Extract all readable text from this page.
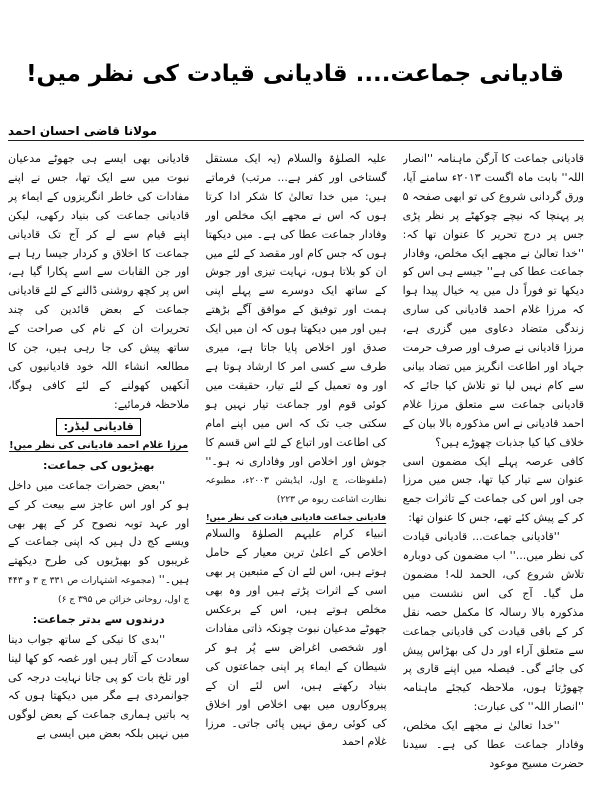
قادیانی جماعت.... قادیانی قیادت کی نظر میں!
مولانا قاضی احسان احمد

قادیانی جماعت کا آرگن ماہنامہ ''انصار اللہ'' بابت ماہ اگست ۲۰۱۳ء سامنے آیا، ورق گردانی شروع کی تو ابھی صفحہ ۵ پر پہنچا کہ نیچے چوکھٹے پر نظر پڑی جس پر درج تحریر کا عنوان تھا کہ: ''خدا تعالیٰ نے مجھے ایک مخلص، وفادار جماعت عطا کی ہے'' جیسے ہی اس کو دیکھا تو فوراً دل میں یہ خیال پیدا ہوا کہ مرزا غلام احمد قادیانی کی ساری زندگی متضاد دعاوی میں گزری ہے، مرزا قادیانی نے صرف اور صرف حرمت جہاد اور اطاعت انگریز میں تضاد بیانی سے کام نہیں لیا تو تلاش کیا جائے کہ قادیانی جماعت سے متعلق مرزا غلام احمد قادیانی نے اس مذکورہ بالا بیان کے خلاف کیا کیا جذبات چھوڑے ہیں؟

کافی عرصہ پہلے ایک مضمون اسی عنوان سے تیار کیا تھا، جس میں مرزا جی اور اس کی جماعت کے تاثرات جمع کر کے پیش کئے تھے، جس کا عنوان تھا:

''قادیانی جماعت... قادیانی قیادت کی نظر میں...'' اب مضمون کی دوبارہ تلاش شروع کی، الحمد للہ! مضمون مل گیا۔ آج کی اس نشست میں مذکورہ بالا رسالہ کا مکمل حصہ نقل کر کے باقی قیادت کی قادیانی جماعت سے متعلق آراء اور دل کی بھڑاس پیش کی جائے گی۔ فیصلہ میں اپنے قاری پر چھوڑتا ہوں، ملاحظہ کیجئے ماہنامہ ''انصار اللہ'' کی عبارت:

''خدا تعالیٰ نے مجھے ایک مخلص، وفادار جماعت عطا کی ہے۔ سیدنا حضرت مسیح موعود

علیہ الصلوٰۃ والسلام (یہ ایک مستقل گستاخی اور کفر ہے... مرتب) فرماتے ہیں: میں خدا تعالیٰ کا شکر ادا کرتا ہوں کہ اس نے مجھے ایک مخلص اور وفادار جماعت عطا کی ہے۔ میں دیکھتا ہوں کہ جس کام اور مقصد کے لئے میں ان کو بلاتا ہوں، نہایت تیزی اور جوش کے ساتھ ایک دوسرے سے پہلے اپنی ہمت اور توفیق کے موافق آگے بڑھتے ہیں اور میں دیکھتا ہوں کہ ان میں ایک صدق اور اخلاص پایا جاتا ہے، میری طرف سے کسی امر کا ارشاد ہوتا ہے اور وہ تعمیل کے لئے تیار، حقیقت میں کوئی قوم اور جماعت تیار نہیں ہو سکتی جب تک کہ اس میں اپنے امام کی اطاعت اور اتباع کے لئے اس قسم کا جوش اور اخلاص اور وفاداری نہ ہو۔'' (ملفوظات، ج اول، ایڈیشن ۲۰۰۳ء، مطبوعہ نظارت اشاعت ربوہ ص ۲۲۳)

قادیانی جماعت قادیانی قیادت کی نظر میں!

انبیاء کرام علیہم الصلوٰۃ والسلام اخلاص کے اعلیٰ ترین معیار کے حامل ہوتے ہیں، اس لئے ان کے متبعین پر بھی اسی کے اثرات پڑتے ہیں اور وہ بھی مخلص ہوتے ہیں، اس کے برعکس جھوٹے مدعیان نبوت چونکہ ذاتی مفادات اور شخصی اغراض سے پُر ہو کر شیطان کے ایماء پر اپنی جماعتوں کی بنیاد رکھتے ہیں، اس لئے ان کے پیروکاروں میں بھی اخلاص اور اخلاق کی کوئی رمق نہیں پائی جاتی۔ مرزا غلام احمد

قادیانی بھی ایسے ہی جھوٹے مدعیان نبوت میں سے ایک تھا، جس نے اپنے مفادات کی خاطر انگریزوں کے ایماء پر قادیانی جماعت کی بنیاد رکھی، لیکن اپنے قیام سے لے کر آج تک قادیانی جماعت کا اخلاق و کردار جیسا رہا ہے اور جن القابات سے اسے پکارا گیا ہے، اس پر کچھ روشنی ڈالنے کے لئے قادیانی جماعت کے بعض قائدین کی چند تحریرات ان کے نام کی صراحت کے ساتھ پیش کی جا رہی ہیں، جن کا مطالعہ انشاء اللہ خود قادیانیوں کی آنکھیں کھولنے کے لئے کافی ہوگا، ملاحظہ فرمائیے:

قادیانی لیڈر:
مرزا غلام احمد قادیانی کی نظر میں!
بھیڑیوں کی جماعت:

''بعض حضرات جماعت میں داخل ہو کر اور اس عاجز سے بیعت کر کے اور عہد توبہ نصوح کر کے پھر بھی ویسے کج دل ہیں کہ اپنی جماعت کے غریبوں کو بھیڑیوں کی طرح دیکھتے ہیں۔'' (مجموعہ اشتہارات ص ۳۳۱ ج ۳ و ۴۴۳ ج اول، روحانی خزائن ص ۳۹۵ ج ۶)

درندوں سے بدتر جماعت:

''بدی کا نیکی کے ساتھ جواب دینا سعادت کے آثار ہیں اور غصہ کو کھا لینا اور تلخ بات کو پی جانا نہایت درجہ کی جوانمردی ہے مگر میں دیکھتا ہوں کہ یہ باتیں ہماری جماعت کے بعض لوگوں میں نہیں بلکہ بعض میں ایسی بے
